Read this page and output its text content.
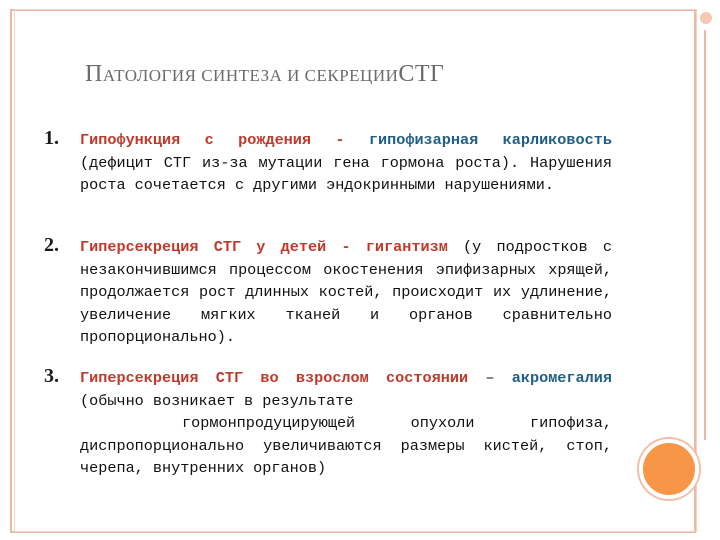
ПАТОЛОГИЯ СИНТЕЗА И СЕКРЕЦИИСТГ
1.	Гипофункция с рождения - гипофизарная карликовость (дефицит СТГ из-за мутации гена гормона роста). Нарушения роста сочетается с другими эндокринными нарушениями.
2.	Гиперсекреция СТГ у детей - гигантизм (у подростков с незакончившимся процессом окостенения эпифизарных хрящей, продолжается рост длинных костей, происходит их удлинение, увеличение мягких тканей и органов сравнительно пропорционально).
3.	Гиперсекреция СТГ во взрослом состоянии – акромегалия (обычно возникает в результате
гормонпродуцирующей опухоли гипофиза, диспропорционально увеличиваются размеры кистей, стоп, черепа, внутренних органов)
